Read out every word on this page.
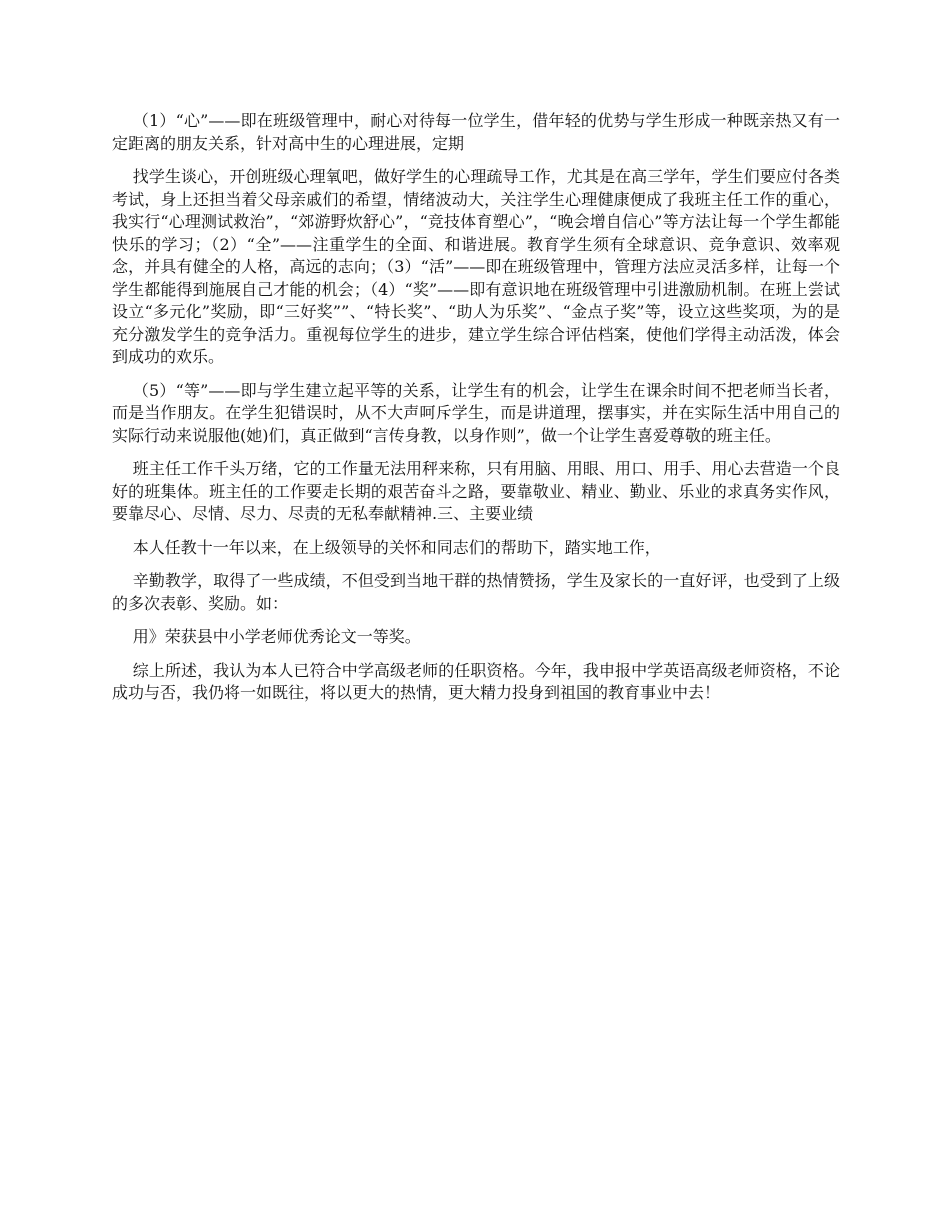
（1）“心”——即在班级管理中，耐心对待每一位学生，借年轻的优势与学生形成一种既亲热又有一定距离的朋友关系，针对高中生的心理进展，定期

找学生谈心，开创班级心理氧吧，做好学生的心理疏导工作，尤其是在高三学年，学生们要应付各类考试，身上还担当着父母亲戚们的希望，情绪波动大，关注学生心理健康便成了我班主任工作的重心，我实行“心理测试救治”，“郊游野炊舒心”，“竞技体育塑心”，“晚会增自信心”等方法让每一个学生都能快乐的学习；（2）“全”——注重学生的全面、和谐进展。教育学生须有全球意识、竞争意识、效率观念，并具有健全的人格，高远的志向；（3）“活”——即在班级管理中，管理方法应灵活多样，让每一个学生都能得到施展自己才能的机会；（4）“奖”——即有意识地在班级管理中引进激励机制。在班上尝试设立“多元化”奖励，即“三好奖””、“特长奖”、“助人为乐奖”、“金点子奖”等，设立这些奖项，为的是充分激发学生的竞争活力。重视每位学生的进步，建立学生综合评估档案，使他们学得主动活泼，体会到成功的欢乐。

（5）“等”——即与学生建立起平等的关系，让学生有的机会，让学生在课余时间不把老师当长者，而是当作朋友。在学生犯错误时，从不大声呵斥学生，而是讲道理，摆事实，并在实际生活中用自己的实际行动来说服他(她)们，真正做到“言传身教，以身作则”，做一个让学生喜爱尊敬的班主任。

班主任工作千头万绪，它的工作量无法用秤来称，只有用脑、用眼、用口、用手、用心去营造一个良好的班集体。班主任的工作要走长期的艰苦奋斗之路，要靠敬业、精业、勤业、乐业的求真务实作风，要靠尽心、尽情、尽力、尽责的无私奉献精神.三、主要业绩

本人任教十一年以来，在上级领导的关怀和同志们的帮助下，踏实地工作，

辛勤教学，取得了一些成绩，不但受到当地干群的热情赞扬，学生及家长的一直好评，也受到了上级的多次表彰、奖励。如：

用》荣获县中小学老师优秀论文一等奖。

综上所述，我认为本人已符合中学高级老师的任职资格。今年，我申报中学英语高级老师资格，不论成功与否，我仍将一如既往，将以更大的热情，更大精力投身到祖国的教育事业中去！
